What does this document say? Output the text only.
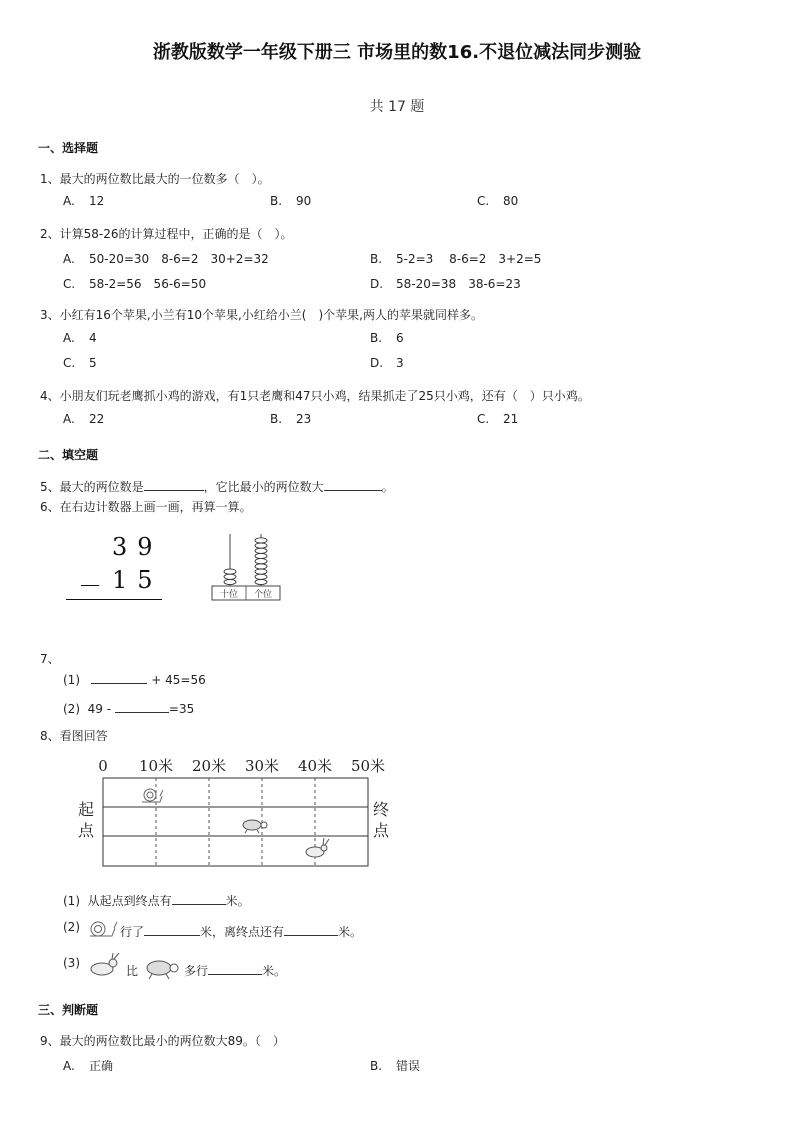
浙教版数学一年级下册三 市场里的数16.不退位减法同步测验
共 17 题
一、选择题
1、最大的两位数比最大的一位数多（　）。
A. 12	B. 90	C. 80
2、计算58-26的计算过程中，正确的是（　）。
A. 50-20=30　8-6=2　30+2=32	B. 5-2=3　 8-6=2　3+2=5
C. 58-2=56　56-6=50	D. 58-20=38　38-6=23
3、小红有16个苹果,小兰有10个苹果,小红给小兰(　)个苹果,两人的苹果就同样多。
A. 4	B. 6
C. 5	D. 3
4、小朋友们玩老鹰抓小鸡的游戏，有1只老鹰和47只小鸡，结果抓走了25只小鸡，还有（　）只小鸡。
A. 22	B. 23	C. 21
二、填空题
5、最大的两位数是	，它比最小的两位数大	。
6、在右边计数器上画一画，再算一算。
39
－ 15
十位 个位
7、
(1)	+ 45=56
(2) 49 -	=35
8、看图回答
0 10米 20米 30米 40米 50米
起
点
终
点
(1) 从起点到终点有	米。
(2)	行了	米，离终点还有	米。
(3)
比	多行	米。
三、判断题
9、最大的两位数比最小的两位数大89。（　）
A. 正确	B. 错误
